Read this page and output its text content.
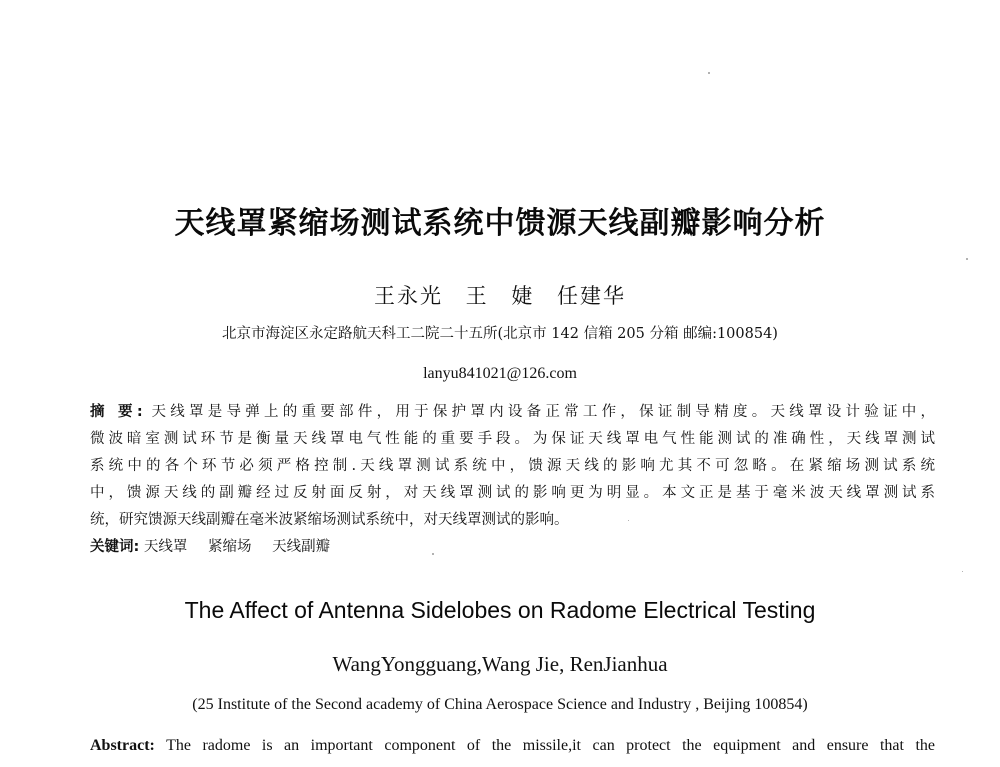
天线罩紧缩场测试系统中馈源天线副瓣影响分析
王永光 王 婕 任建华
北京市海淀区永定路航天科工二院二十五所(北京市 142 信箱 205 分箱 邮编:100854)
lanyu841021@126.com
摘 要: 天线罩是导弹上的重要部件，用于保护罩内设备正常工作，保证制导精度。天线罩设计验证中，
微波暗室测试环节是衡量天线罩电气性能的重要手段。为保证天线罩电气性能测试的准确性，天线罩测试
系统中的各个环节必须严格控制.天线罩测试系统中，馈源天线的影响尤其不可忽略。在紧缩场测试系统
中，馈源天线的副瓣经过反射面反射，对天线罩测试的影响更为明显。本文正是基于毫米波天线罩测试系
统，研究馈源天线副瓣在毫米波紧缩场测试系统中，对天线罩测试的影响。
关键词: 天线罩 紧缩场 天线副瓣
The Affect of Antenna Sidelobes on Radome Electrical Testing
WangYongguang,Wang Jie, RenJianhua
(25 Institute of the Second academy of China Aerospace Science and Industry , Beijing 100854)
Abstract: The radome is an important component of the missile,it can protect the equipment and ensure that the
